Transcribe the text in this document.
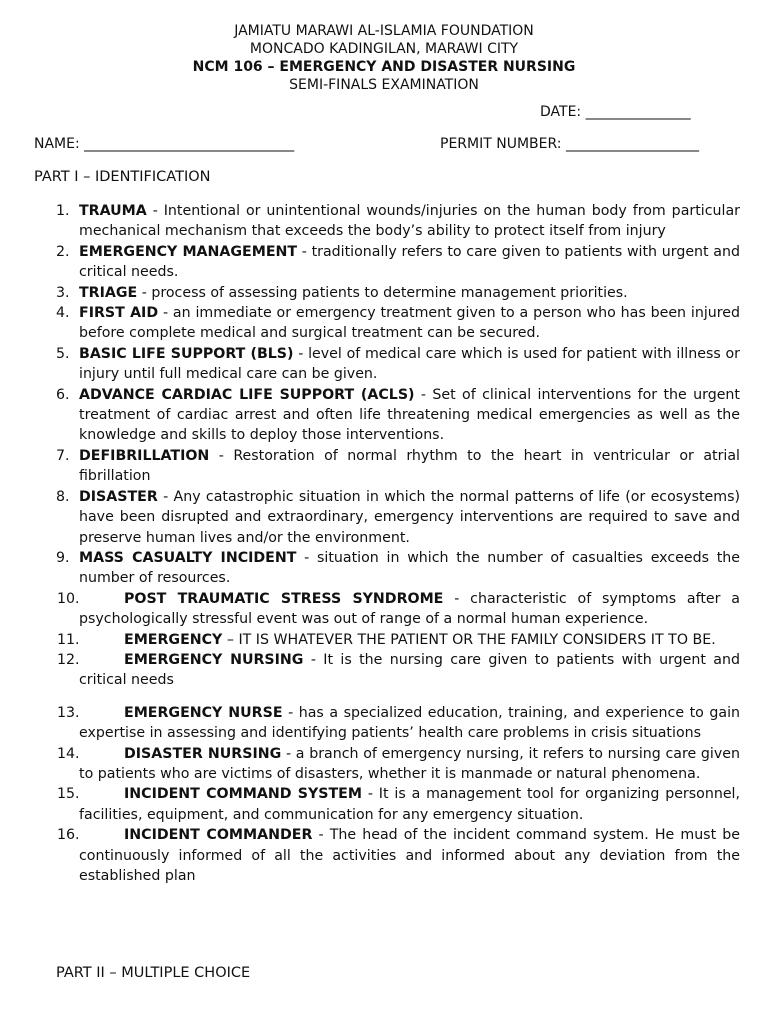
JAMIATU MARAWI AL-ISLAMIA FOUNDATION
MONCADO KADINGILAN, MARAWI CITY
NCM 106 – EMERGENCY AND DISASTER NURSING
SEMI-FINALS EXAMINATION
DATE: _______________
NAME: ______________________________	PERMIT NUMBER: ___________________
PART I – IDENTIFICATION
1. TRAUMA - Intentional or unintentional wounds/injuries on the human body from particular mechanical mechanism that exceeds the body’s ability to protect itself from injury
2. EMERGENCY MANAGEMENT - traditionally refers to care given to patients with urgent and critical needs.
3. TRIAGE - process of assessing patients to determine management priorities.
4. FIRST AID - an immediate or emergency treatment given to a person who has been injured before complete medical and surgical treatment can be secured.
5. BASIC LIFE SUPPORT (BLS) - level of medical care which is used for patient with illness or injury until full medical care can be given.
6. ADVANCE CARDIAC LIFE SUPPORT (ACLS) - Set of clinical interventions for the urgent treatment of cardiac arrest and often life threatening medical emergencies as well as the knowledge and skills to deploy those interventions.
7. DEFIBRILLATION - Restoration of normal rhythm to the heart in ventricular or atrial fibrillation
8. DISASTER - Any catastrophic situation in which the normal patterns of life (or ecosystems) have been disrupted and extraordinary, emergency interventions are required to save and preserve human lives and/or the environment.
9. MASS CASUALTY INCIDENT - situation in which the number of casualties exceeds the number of resources.
10.	POST TRAUMATIC STRESS SYNDROME - characteristic of symptoms after a psychologically stressful event was out of range of a normal human experience.
11.	EMERGENCY – IT IS WHATEVER THE PATIENT OR THE FAMILY CONSIDERS IT TO BE.
12.	EMERGENCY NURSING - It is the nursing care given to patients with urgent and critical needs
13.	EMERGENCY NURSE - has a specialized education, training, and experience to gain expertise in assessing and identifying patients’ health care problems in crisis situations
14.	DISASTER NURSING - a branch of emergency nursing, it refers to nursing care given to patients who are victims of disasters, whether it is manmade or natural phenomena.
15.	INCIDENT COMMAND SYSTEM - It is a management tool for organizing personnel, facilities, equipment, and communication for any emergency situation.
16.	INCIDENT COMMANDER - The head of the incident command system. He must be continuously informed of all the activities and informed about any deviation from the established plan
PART II – MULTIPLE CHOICE
